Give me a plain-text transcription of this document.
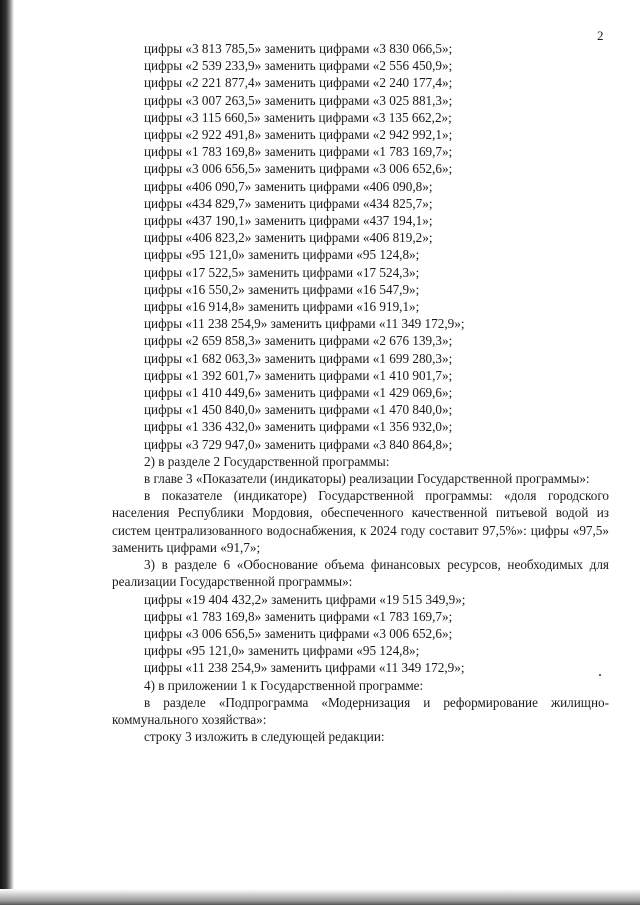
2
цифры «3 813 785,5» заменить цифрами «3 830 066,5»;
цифры «2 539 233,9» заменить цифрами «2 556 450,9»;
цифры «2 221 877,4» заменить цифрами «2 240 177,4»;
цифры «3 007 263,5» заменить цифрами «3 025 881,3»;
цифры «3 115 660,5» заменить цифрами «3 135 662,2»;
цифры «2 922 491,8» заменить цифрами «2 942 992,1»;
цифры «1 783 169,8» заменить цифрами «1 783 169,7»;
цифры «3 006 656,5» заменить цифрами «3 006 652,6»;
цифры «406 090,7» заменить цифрами «406 090,8»;
цифры «434 829,7» заменить цифрами «434 825,7»;
цифры «437 190,1» заменить цифрами «437 194,1»;
цифры «406 823,2» заменить цифрами «406 819,2»;
цифры «95 121,0» заменить цифрами «95 124,8»;
цифры «17 522,5» заменить цифрами «17 524,3»;
цифры «16 550,2» заменить цифрами «16 547,9»;
цифры «16 914,8» заменить цифрами «16 919,1»;
цифры «11 238 254,9» заменить цифрами «11 349 172,9»;
цифры «2 659 858,3» заменить цифрами «2 676 139,3»;
цифры «1 682 063,3» заменить цифрами «1 699 280,3»;
цифры «1 392 601,7» заменить цифрами «1 410 901,7»;
цифры «1 410 449,6» заменить цифрами «1 429 069,6»;
цифры «1 450 840,0» заменить цифрами «1 470 840,0»;
цифры «1 336 432,0» заменить цифрами «1 356 932,0»;
цифры «3 729 947,0» заменить цифрами «3 840 864,8»;
2) в разделе 2 Государственной программы:
в главе 3 «Показатели (индикаторы) реализации Государственной программы»:
в показателе (индикаторе) Государственной программы: «доля городского населения Республики Мордовия, обеспеченного качественной питьевой водой из систем централизованного водоснабжения, к 2024 году составит 97,5%»: цифры «97,5» заменить цифрами «91,7»;
3) в разделе 6 «Обоснование объема финансовых ресурсов, необходимых для реализации Государственной программы»:
цифры «19 404 432,2» заменить цифрами «19 515 349,9»;
цифры «1 783 169,8» заменить цифрами «1 783 169,7»;
цифры «3 006 656,5» заменить цифрами «3 006 652,6»;
цифры «95 121,0» заменить цифрами «95 124,8»;
цифры «11 238 254,9» заменить цифрами «11 349 172,9»;
4) в приложении 1 к Государственной программе:
в разделе «Подпрограмма «Модернизация и реформирование жилищно-коммунального хозяйства»:
строку 3 изложить в следующей редакции:
